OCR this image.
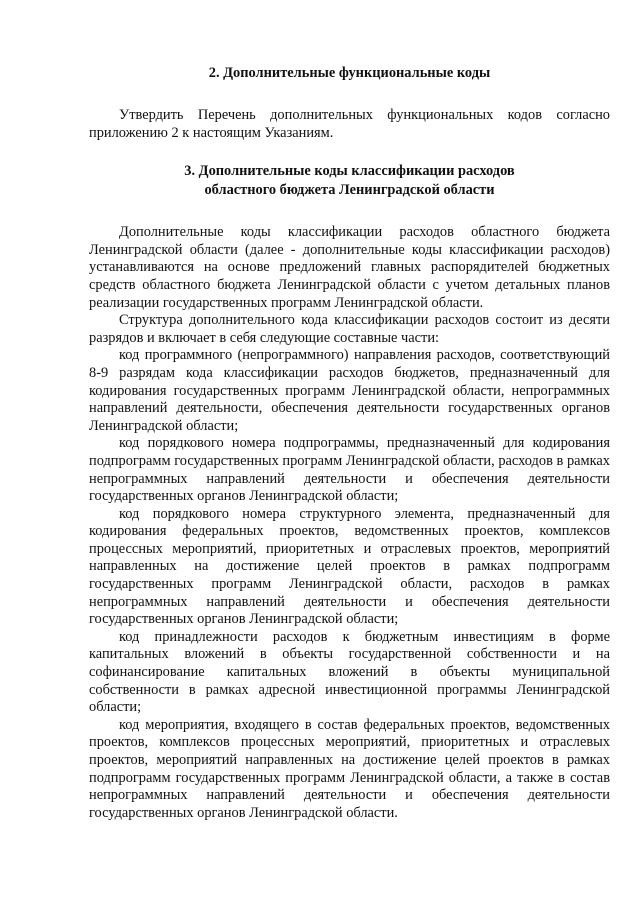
2. Дополнительные функциональные коды

Утвердить Перечень дополнительных функциональных кодов согласно приложению 2 к настоящим Указаниям.

3. Дополнительные коды классификации расходов

областного бюджета Ленинградской области

Дополнительные коды классификации расходов областного бюджета Ленинградской области (далее - дополнительные коды классификации расходов) устанавливаются на основе предложений главных распорядителей бюджетных средств областного бюджета Ленинградской области с учетом детальных планов реализации государственных программ Ленинградской области.

Структура дополнительного кода классификации расходов состоит из десяти разрядов и включает в себя следующие составные части:

код программного (непрограммного) направления расходов, соответствующий 8-9 разрядам кода классификации расходов бюджетов, предназначенный для кодирования государственных программ Ленинградской области, непрограммных направлений деятельности, обеспечения деятельности государственных органов Ленинградской области;

код порядкового номера подпрограммы, предназначенный для кодирования подпрограмм государственных программ Ленинградской области, расходов в рамках непрограммных направлений деятельности и обеспечения деятельности государственных органов Ленинградской области;

код порядкового номера структурного элемента, предназначенный для кодирования федеральных проектов, ведомственных проектов, комплексов процессных мероприятий, приоритетных и отраслевых проектов, мероприятий направленных на достижение целей проектов в рамках подпрограмм государственных программ Ленинградской области, расходов в рамках непрограммных направлений деятельности и обеспечения деятельности государственных органов Ленинградской области;

код принадлежности расходов к бюджетным инвестициям в форме капитальных вложений в объекты государственной собственности и на софинансирование капитальных вложений в объекты муниципальной собственности в рамках адресной инвестиционной программы Ленинградской области;

код мероприятия, входящего в состав федеральных проектов, ведомственных проектов, комплексов процессных мероприятий, приоритетных и отраслевых проектов, мероприятий направленных на достижение целей проектов в рамках подпрограмм государственных программ Ленинградской области, а также в состав непрограммных направлений деятельности и обеспечения деятельности государственных органов Ленинградской области.
